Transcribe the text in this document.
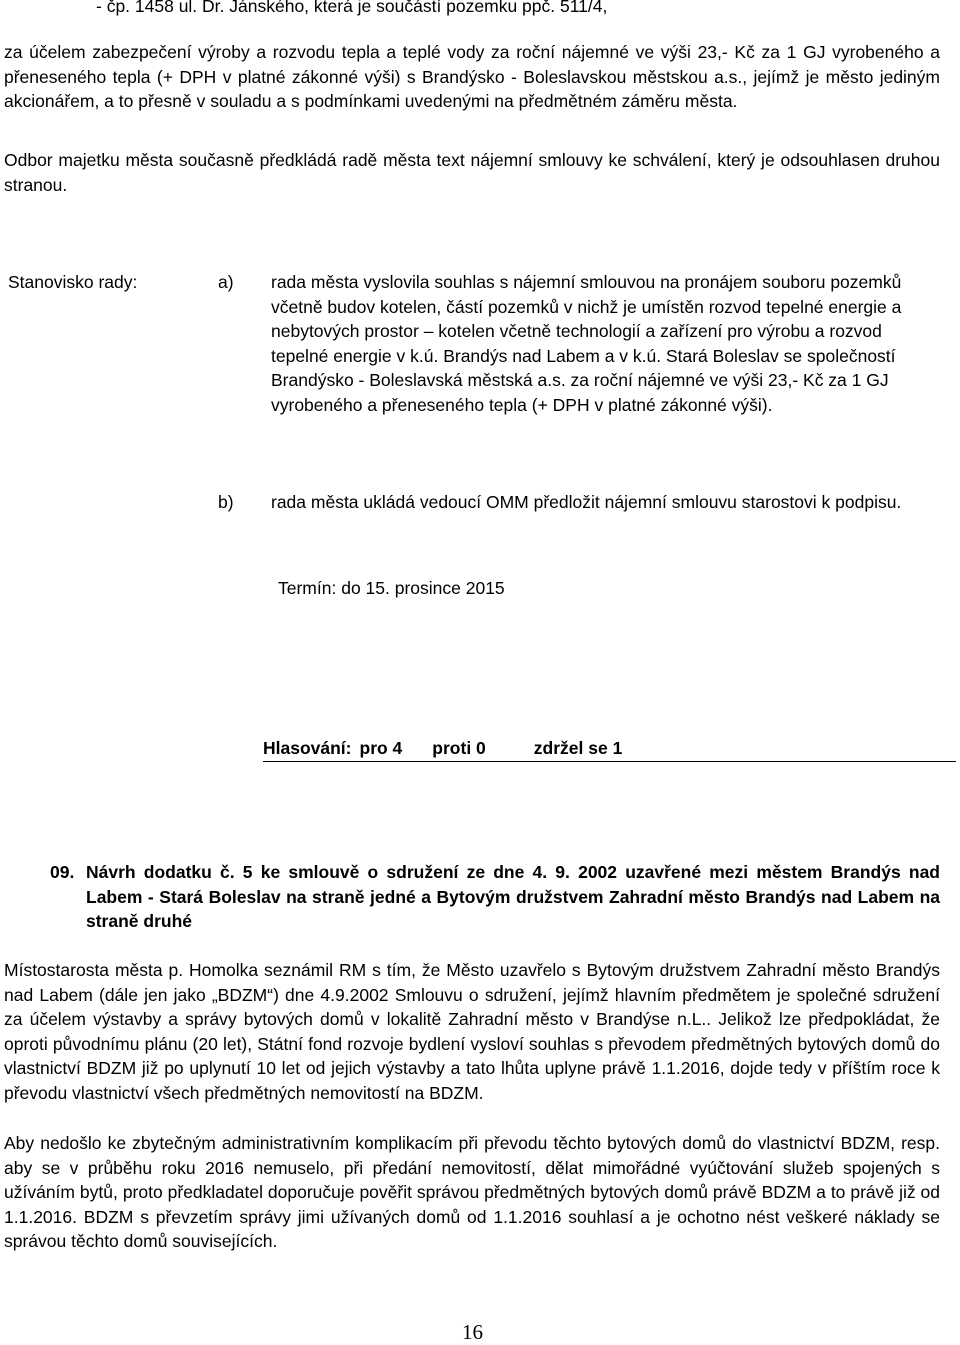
- čp. 1458 ul. Dr. Jánského, která je součástí pozemku ppč. 511/4,

za účelem zabezpečení výroby a rozvodu tepla a teplé vody za roční nájemné ve výši 23,- Kč za 1 GJ vyrobeného a přeneseného tepla (+ DPH v platné zákonné výši) s Brandýsko - Boleslavskou městskou a.s., jejímž je město jediným akcionářem, a to přesně v souladu a s podmínkami uvedenými na předmětném záměru města.

Odbor majetku města současně předkládá radě města text nájemní smlouvy ke schválení, který je odsouhlasen druhou stranou.

Stanovisko rady:	a) rada města vyslovila souhlas s nájemní smlouvou na pronájem souboru pozemků včetně budov kotelen, částí pozemků v nichž je umístěn rozvod tepelné energie a nebytových prostor – kotelen včetně technologií a zařízení pro výrobu a rozvod tepelné energie v k.ú. Brandýs nad Labem a v k.ú. Stará Boleslav se společností Brandýsko - Boleslavská městská a.s. za roční nájemné ve výši 23,- Kč za 1 GJ vyrobeného a přeneseného tepla (+ DPH v platné zákonné výši).

b) rada města ukládá vedoucí OMM předložit nájemní smlouvu starostovi k podpisu.

Termín: do 15. prosince 2015
Hlasování: pro 4 proti 0	zdržel se 1
09. Návrh dodatku č. 5 ke smlouvě o sdružení ze dne 4. 9. 2002 uzavřené mezi městem Brandýs nad Labem - Stará Boleslav na straně jedné a Bytovým družstvem Zahradní město Brandýs nad Labem na straně druhé

Místostarosta města p. Homolka seznámil RM s tím, že Město uzavřelo s Bytovým družstvem Zahradní město Brandýs nad Labem (dále jen jako „BDZM“) dne 4.9.2002 Smlouvu o sdružení, jejímž hlavním předmětem je společné sdružení za účelem výstavby a správy bytových domů v lokalitě Zahradní město v Brandýse n.L.. Jelikož lze předpokládat, že oproti původnímu plánu (20 let), Státní fond rozvoje bydlení vysloví souhlas s převodem předmětných bytových domů do vlastnictví BDZM již po uplynutí 10 let od jejich výstavby a tato lhůta uplyne právě 1.1.2016, dojde tedy v příštím roce k převodu vlastnictví všech předmětných nemovitostí na BDZM.

Aby nedošlo ke zbytečným administrativním komplikacím při převodu těchto bytových domů do vlastnictví BDZM, resp. aby se v průběhu roku 2016 nemuselo, při předání nemovitostí, dělat mimořádné vyúčtování služeb spojených s užíváním bytů, proto předkladatel doporučuje pověřit správou předmětných bytových domů právě BDZM a to právě již od 1.1.2016. BDZM s převzetím správy jimi užívaných domů od 1.1.2016 souhlasí a je ochotno nést veškeré náklady se správou těchto domů souvisejících.

16
